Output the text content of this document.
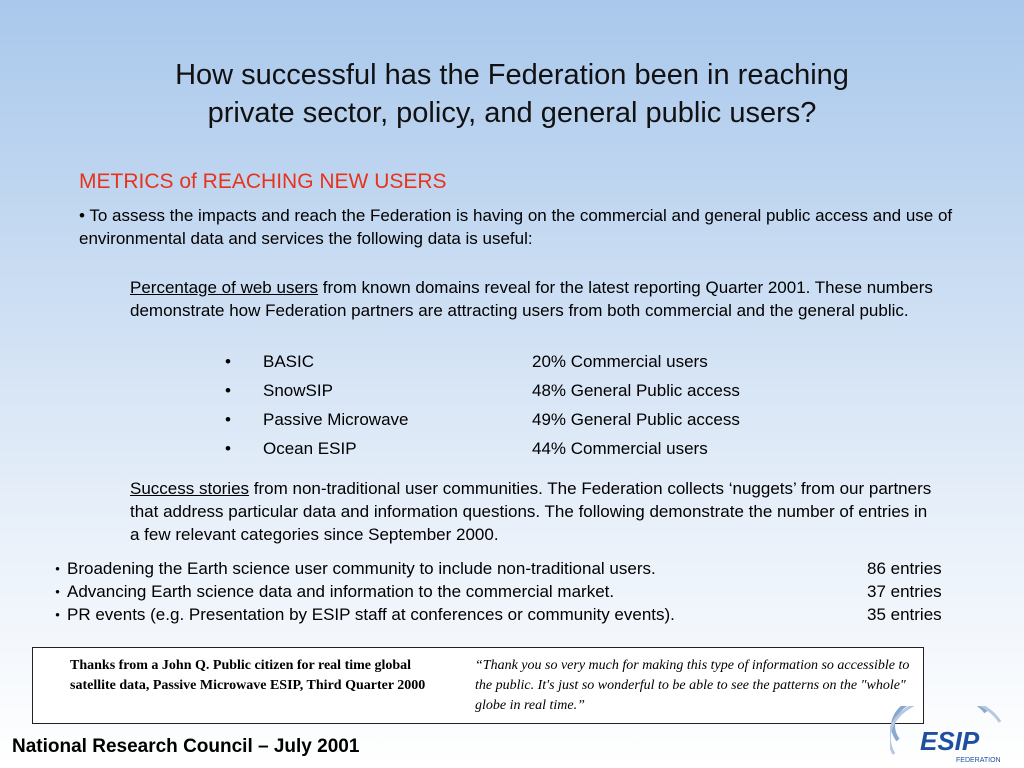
How successful has the Federation been in reaching
private sector, policy, and general public users?
METRICS of REACHING NEW USERS
• To assess the impacts and reach the Federation is having on the commercial and general public access and use of environmental data and services the following data is useful:
Percentage of web users from known domains reveal for the latest reporting Quarter 2001. These numbers demonstrate how Federation partners are attracting users from both commercial and the general public.
•	BASIC	20% Commercial users
•	SnowSIP	48% General Public access
•	Passive Microwave	49% General Public access
•	Ocean ESIP	44% Commercial users
Success stories from non-traditional user communities. The Federation collects ‘nuggets’ from our partners that address particular data and information questions. The following demonstrate the number of entries in a few relevant categories since September 2000.
• Broadening the Earth science user community to include non-traditional users.	86 entries
• Advancing Earth science data and information to the commercial market.	37 entries
• PR events (e.g. Presentation by ESIP staff at conferences or community events).	35 entries
Thanks from a John Q. Public citizen for real time global satellite data, Passive Microwave ESIP, Third Quarter 2000
“Thank you so very much for making this type of information so accessible to the public. It's just so wonderful to be able to see the patterns on the "whole" globe in real time.”
National Research Council – July 2001	ESIP
FEDERATION
